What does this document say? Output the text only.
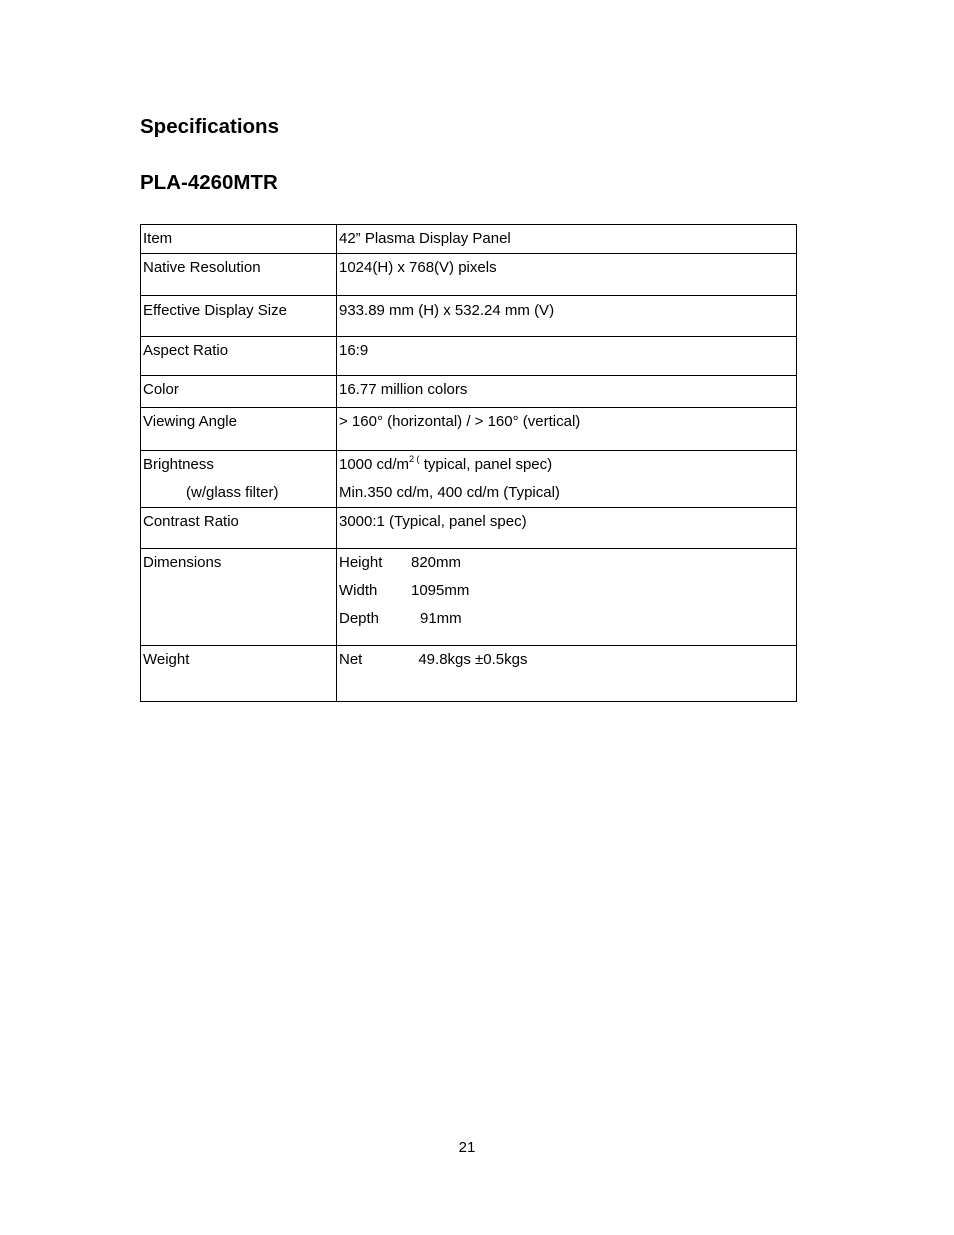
Specifications
PLA-4260MTR
Item	42” Plasma Display Panel
Native Resolution	1024(H) x 768(V) pixels
Effective Display Size	933.89 mm (H) x 532.24 mm (V)
Aspect Ratio	16:9
Color	16.77 million colors
Viewing Angle	> 160° (horizontal) / > 160° (vertical)

Brightness
(w/glass filter)	1000 $cd/m^{2 (}$ typical, panel spec)
Min.350 cd/m, 400 cd/m (Typical)

Contrast Ratio	3000:1 (Typical, panel spec)
Dimensions	Height 820mm
Width 1095mm
Depth 91mm

Weight	Net 49.8kgs ±0.5kgs

21
